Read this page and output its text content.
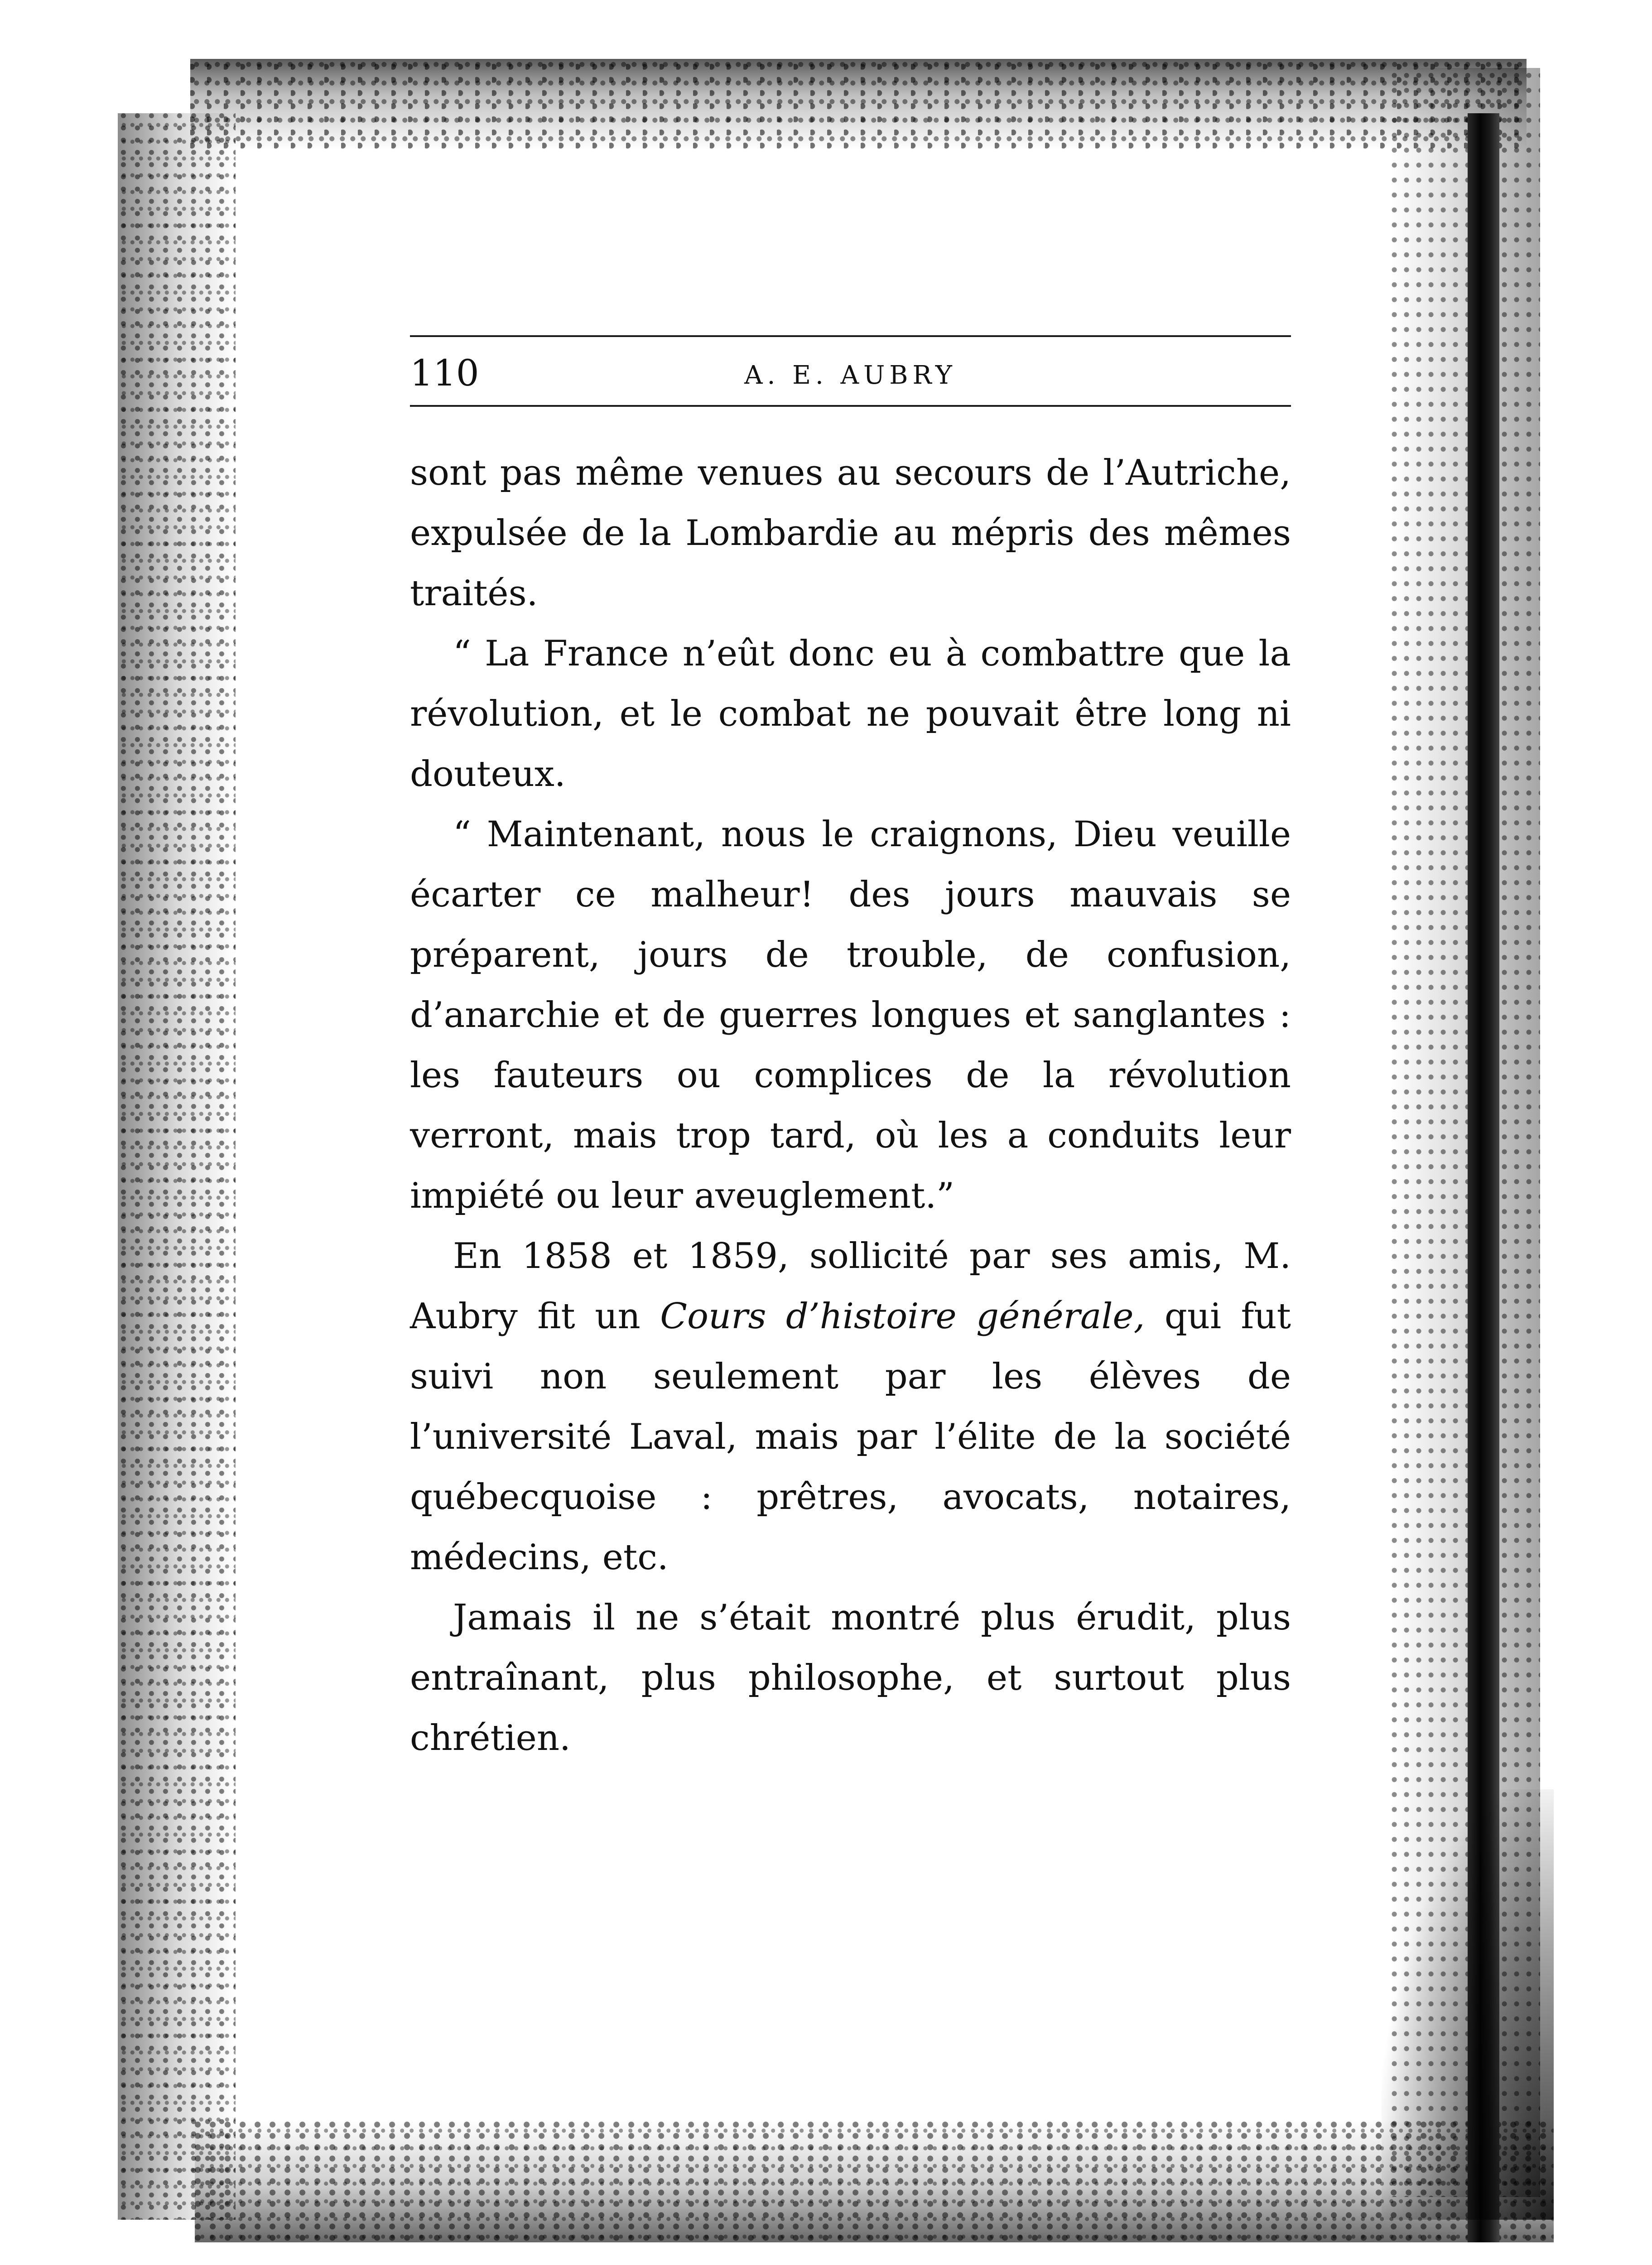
110	A. E. AUBRY

sont pas même venues au secours de l’Autriche, expulsée de la Lombardie au mépris des mêmes traités.

“ La France n’eût donc eu à combattre que la révolution, et le combat ne pouvait être long ni douteux.

“ Maintenant, nous le craignons, Dieu veuille écarter ce malheur! des jours mauvais se préparent, jours de trouble, de confusion, d’anarchie et de guerres longues et sanglantes : les fauteurs ou complices de la révolution verront, mais trop tard, où les a conduits leur impiété ou leur aveuglement.”

En 1858 et 1859, sollicité par ses amis, M. Aubry fit un Cours d’histoire générale, qui fut suivi non seulement par les élèves de l’université Laval, mais par l’élite de la société québecquoise : prêtres, avocats, notaires, médecins, etc.

Jamais il ne s’était montré plus érudit, plus entraînant, plus philosophe, et surtout plus chrétien.
